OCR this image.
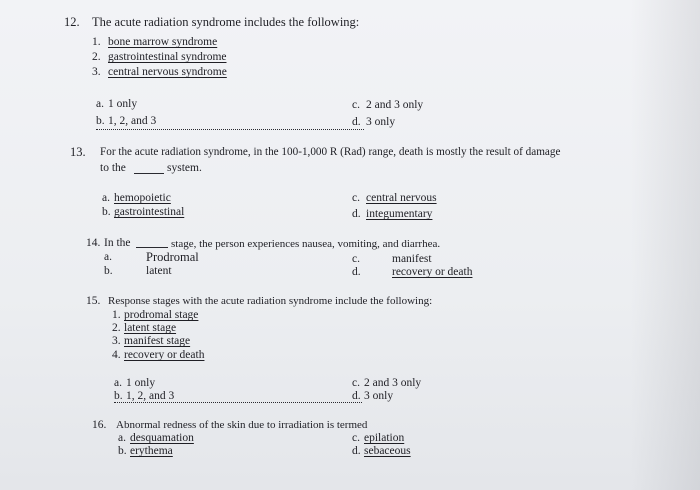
12. The acute radiation syndrome includes the following:
1. bone marrow syndrome
2. gastrointestinal syndrome
3. central nervous syndrome
a. 1 only	c. 2 and 3 only
b. 1, 2, and 3	d. 3 only
13. For the acute radiation syndrome, in the 100-1,000 R (Rad) range, death is mostly the result of damage
to the	system.
a. hemopoietic	c. central nervous
b. gastrointestinal	d. integumentary
14. In the	stage, the person experiences nausea, vomiting, and diarrhea.
a.	Prodromal	c.	manifest
b.	latent	d.	recovery or death
15. Response stages with the acute radiation syndrome include the following:
1. prodromal stage
2. latent stage
3. manifest stage
4. recovery or death
a. 1 only	c. 2 and 3 only
b. 1, 2, and 3	d. 3 only
16. Abnormal redness of the skin due to irradiation is termed
a. desquamation	c. epilation
b. erythema	d. sebaceous
